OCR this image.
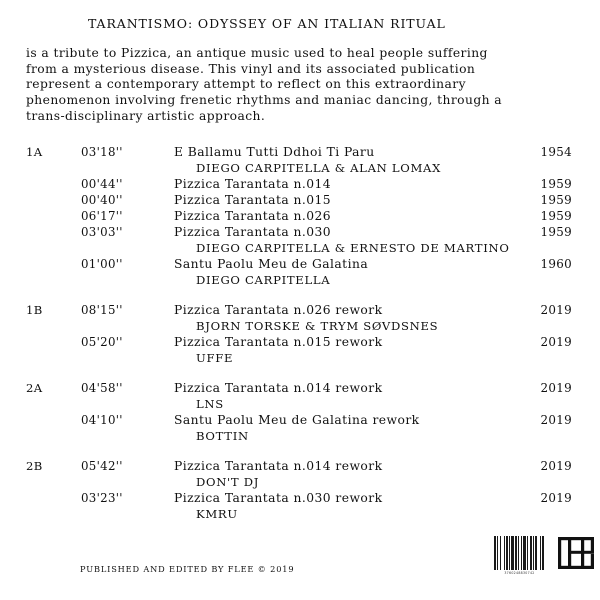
TARANTISMO: ODYSSEY OF AN ITALIAN RITUAL

is a tribute to Pizzica, an antique music used to heal people suffering

from a mysterious disease. This vinyl and its associated publication

represent a contemporary attempt to reflect on this extraordinary

phenomenon involving frenetic rhythms and maniac dancing, through a

trans-disciplinary artistic approach.

1A	03'18''	E Ballamu Tutti Ddhoi Ti Paru	1954
DIEGO CARPITELLA & ALAN LOMAX
00'44''	Pizzica Tarantata n.014	1959
00'40''	Pizzica Tarantata n.015	1959
06'17''	Pizzica Tarantata n.026	1959
03'03''	Pizzica Tarantata n.030	1959
DIEGO CARPITELLA & ERNESTO DE MARTINO
01'00''	Santu Paolu Meu de Galatina	1960
DIEGO CARPITELLA
1B	08'15''	Pizzica Tarantata n.026 rework	2019
BJORN TORSKE & TRYM SØVDSNES
05'20''	Pizzica Tarantata n.015 rework	2019
UFFE
2A	04'58''	Pizzica Tarantata n.014 rework	2019
LNS
04'10''	Santu Paolu Meu de Galatina rework	2019
BOTTIN
2B	05'42''	Pizzica Tarantata n.014 rework	2019
DON'T DJ
03'23''	Pizzica Tarantata n.030 rework	2019
KMRU
PUBLISHED AND EDITED BY FLEE © 2019	3760248830742
